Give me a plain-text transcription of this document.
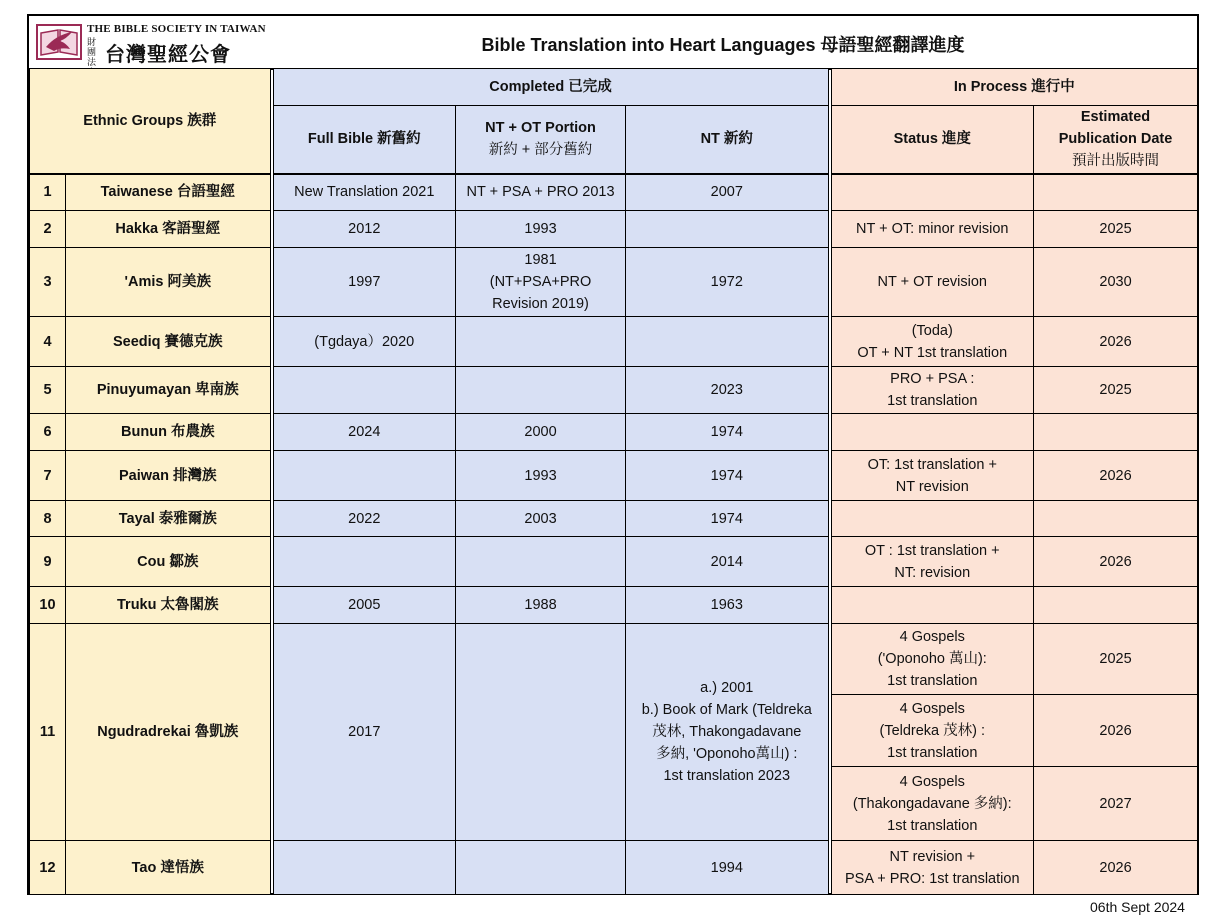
THE BIBLE SOCIETY IN TAIWAN
財團法 台灣聖經公會	Bible Translation into Heart Languages 母語聖經翻譯進度
Ethnic Groups 族群		Completed 已完成			In Process 進行中	
		Full Bible 新舊約	NT + OT Portion
新約 + 部分舊約	NT 新約	Status 進度	Estimated
Publication Date
預計出版時間
1	Taiwanese 台語聖經	New Translation 2021	NT + PSA + PRO 2013	2007		
2	Hakka 客語聖經	2012	1993		NT + OT: minor revision	2025
3	'Amis 阿美族	1997	1981
(NT+PSA+PRO
Revision 2019)	1972	NT + OT revision	2030
4	Seediq 賽德克族	(Tgdaya）2020			(Toda)
OT + NT 1st translation	2026
5	Pinuyumayan 卑南族			2023	PRO + PSA :
1st translation	2025
6	Bunun 布農族	2024	2000	1974		
7	Paiwan 排灣族		1993	1974	OT: 1st translation +
NT revision	2026
8	Tayal 泰雅爾族	2022	2003	1974		
9	Cou 鄒族			2014	OT : 1st translation +
NT: revision	2026
10	Truku 太魯閣族	2005	1988	1963		
11	Ngudradrekai 魯凱族	2017		a.) 2001
b.) Book of Mark (Teldreka
茂林, Thakongadavane
多納, 'Oponoho萬山) :
1st translation 2023	4 Gospels
('Oponoho 萬山):
1st translation	2025
					4 Gospels
(Teldreka 茂林) :
1st translation	2026
					4 Gospels
(Thakongadavane 多納):
1st translation	2027
12	Tao 達悟族			1994	NT revision +
PSA + PRO: 1st translation	2026
06th Sept 2024
